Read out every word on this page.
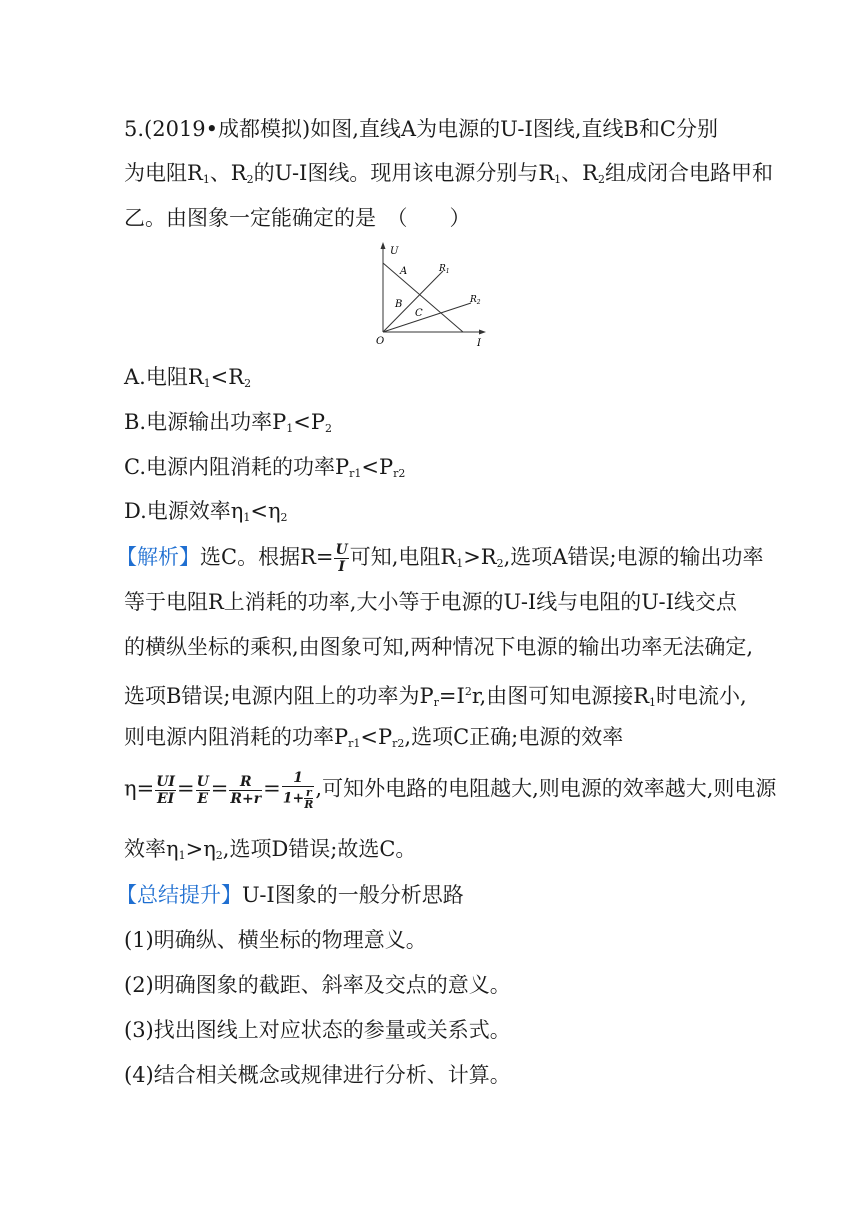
5.(2019•成都模拟)如图,直线A为电源的U-I图线,直线B和C分别
为电阻$R_1$、$R_2$的U-I图线。现用该电源分别与$R_1$、$R_2$组成闭合电路甲和
乙。由图象一定能确定的是　（　　）
U
I
O
A
B
C
$R_1$
$R_2$
A.电阻$R_1<R_2$
B.电源输出功率$P_1<P_2$
C.电源内阻消耗的功率$P_{r1}<P_{r2}$
D.电源效率$\eta_1<\eta_2$
【解析】选C。根据$R= \frac{U}{I}$ 可知,电阻$R_1>R_2$,选项A错误;电源的输出功率
等于电阻R上消耗的功率,大小等于电源的U-I线与电阻的U-I线交点
的横纵坐标的乘积,由图象可知,两种情况下电源的输出功率无法确定,
选项B错误;电源内阻上的功率为$P_r=I^2r$,由图可知电源接$R_1$时电流小,
则电源内阻消耗的功率$P_{r1}<P_{r2}$,选项C正确;电源的效率
$\eta= \frac{UI}{EI} = \frac{U}{E} = \frac{R}{R+r} = \frac{1}{1+ \frac{r}{R}}$ ,可知外电路的电阻越大,则电源的效率越大,则电源
效率$\eta_1>\eta_2$,选项D错误;故选C。
【总结提升】U-I图象的一般分析思路
(1)明确纵、横坐标的物理意义。
(2)明确图象的截距、斜率及交点的意义。
(3)找出图线上对应状态的参量或关系式。
(4)结合相关概念或规律进行分析、计算。
